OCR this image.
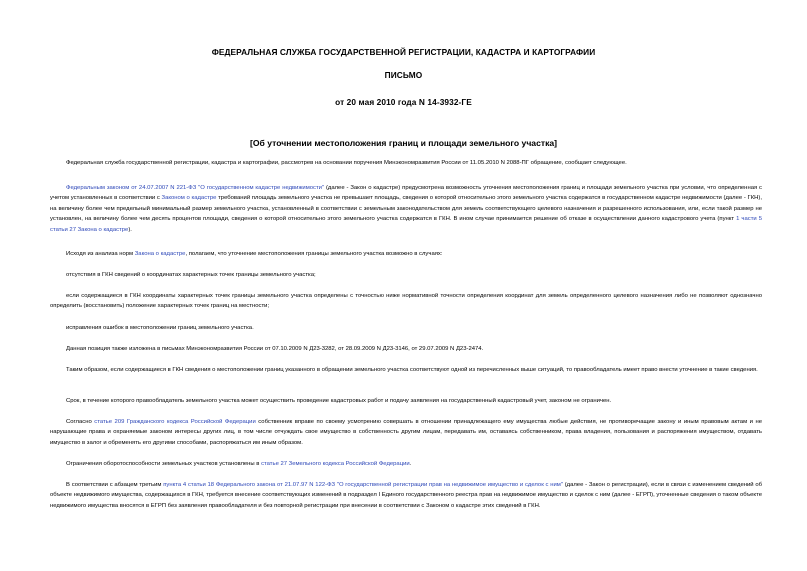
ФЕДЕРАЛЬНАЯ СЛУЖБА ГОСУДАРСТВЕННОЙ РЕГИСТРАЦИИ, КАДАСТРА И КАРТОГРАФИИ
ПИСЬМО
от 20 мая 2010 года N 14-3932-ГЕ
[Об уточнении местоположения границ и площади земельного участка]

Федеральная служба государственной регистрации, кадастра и картографии, рассмотрев на основании поручения Минэкономразвития России от 11.05.2010 N 2088-ПГ обращение, сообщает следующее.

Федеральным законом от 24.07.2007 N 221-ФЗ "О государственном кадастре недвижимости" (далее - Закон о кадастре) предусмотрена возможность уточнения местоположения границ и площади земельного участка при условии, что определенная с учетом установленных в соответствии с Законом о кадастре требований площадь земельного участка не превышает площадь, сведения о которой относительно этого земельного участка содержатся в государственном кадастре недвижимости (далее - ГКН), на величину более чем предельный минимальный размер земельного участка, установленный в соответствии с земельным законодательством для земель соответствующего целевого назначения и разрешенного использования, или, если такой размер не установлен, на величину более чем десять процентов площади, сведения о которой относительно этого земельного участка содержатся в ГКН. В ином случае принимается решение об отказе в осуществлении данного кадастрового учета (пункт 1 части 5 статьи 27 Закона о кадастре).

Исходя из анализа норм Закона о кадастре, полагаем, что уточнение местоположения границы земельного участка возможно в случаях:

отсутствия в ГКН сведений о координатах характерных точек границы земельного участка;

если содержащиеся в ГКН координаты характерных точек границы земельного участка определены с точностью ниже нормативной точности определения координат для земель определенного целевого назначения либо не позволяют однозначно определить (восстановить) положение характерных точек границ на местности;

исправления ошибок в местоположении границ земельного участка.

Данная позиция также изложена в письмах Минэкономразвития России от 07.10.2009 N Д23-3282, от 28.09.2009 N Д23-3146, от 29.07.2009 N Д23-2474.

Таким образом, если содержащиеся в ГКН сведения о местоположении границ указанного в обращении земельного участка соответствуют одной из перечисленных выше ситуаций, то правообладатель имеет право внести уточнение в такие сведения.

Срок, в течение которого правообладатель земельного участка может осуществить проведение кадастровых работ и подачу заявления на государственный кадастровый учет, законом не ограничен.

Согласно статье 209 Гражданского кодекса Российской Федерации собственник вправе по своему усмотрению совершать в отношении принадлежащего ему имущества любые действия, не противоречащие закону и иным правовым актам и не нарушающие права и охраняемые законом интересы других лиц, в том числе отчуждать свое имущество в собственность другим лицам, передавать им, оставаясь собственником, права владения, пользования и распоряжения имуществом, отдавать имущество в залог и обременять его другими способами, распоряжаться им иным образом.

Ограничения оборотоспособности земельных участков установлены в статье 27 Земельного кодекса Российской Федерации.

В соответствии с абзацем третьим пункта 4 статьи 18 Федерального закона от 21.07.97 N 122-ФЗ "О государственной регистрации прав на недвижимое имущество и сделок с ним" (далее - Закон о регистрации), если в связи с изменением сведений об объекте недвижимого имущества, содержащихся в ГКН, требуется внесение соответствующих изменений в подраздел I Единого государственного реестра прав на недвижимое имущество и сделок с ним (далее - ЕГРП), уточненные сведения о таком объекте недвижимого имущества вносятся в ЕГРП без заявления правообладателя и без повторной регистрации при внесении в соответствии с Законом о кадастре этих сведений в ГКН.
